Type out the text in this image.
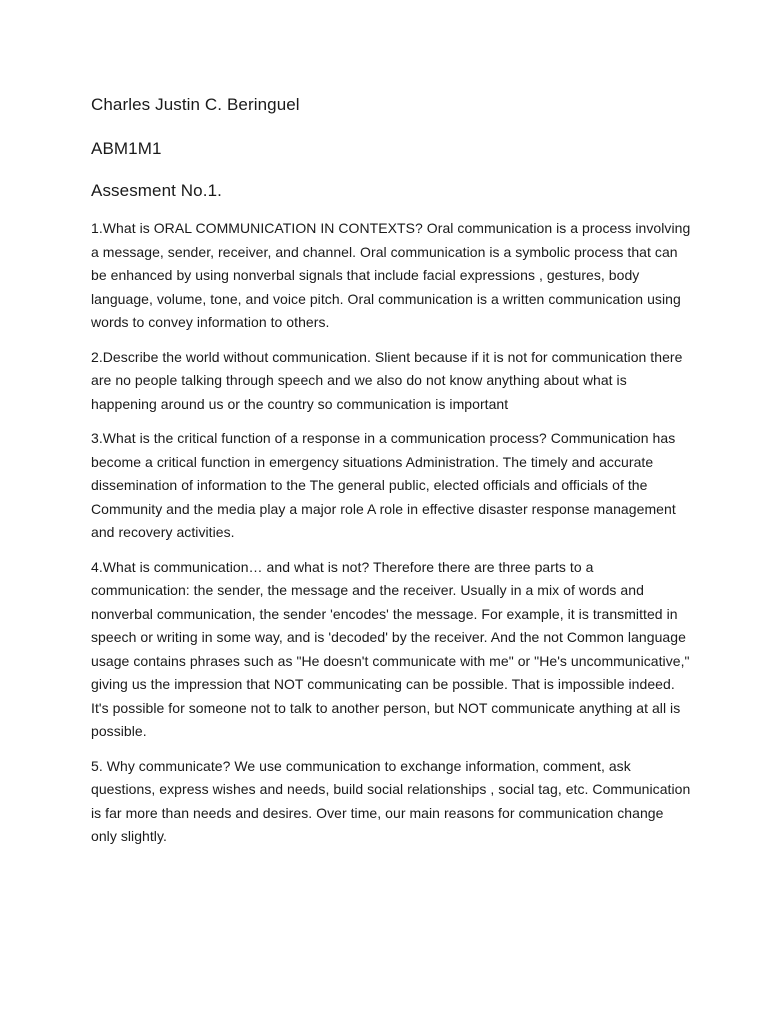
Charles Justin C. Beringuel

ABM1M1

Assesment No.1.

1.What is ORAL COMMUNICATION IN CONTEXTS? Oral communication is a process involving a message, sender, receiver, and channel. Oral communication is a symbolic process that can be enhanced by using nonverbal signals that include facial expressions , gestures, body language, volume, tone, and voice pitch. Oral communication is a written communication using words to convey information to others.

2.Describe the world without communication. Slient because if it is not for communication there are no people talking through speech and we also do not know anything about what is happening around us or the country so communication is important

3.What is the critical function of a response in a communication process? Communication has become a critical function in emergency situations Administration. The timely and accurate dissemination of information to the The general public, elected officials and officials of the Community and the media play a major role A role in effective disaster response management and recovery activities.

4.What is communication… and what is not? Therefore there are three parts to a communication: the sender, the message and the receiver. Usually in a mix of words and nonverbal communication, the sender 'encodes' the message. For example, it is transmitted in speech or writing in some way, and is 'decoded' by the receiver. And the not Common language usage contains phrases such as "He doesn't communicate with me" or "He's uncommunicative," giving us the impression that NOT communicating can be possible. That is impossible indeed. It's possible for someone not to talk to another person, but NOT communicate anything at all is possible.

5. Why communicate? We use communication to exchange information, comment, ask questions, express wishes and needs, build social relationships , social tag, etc. Communication is far more than needs and desires. Over time, our main reasons for communication change only slightly.
